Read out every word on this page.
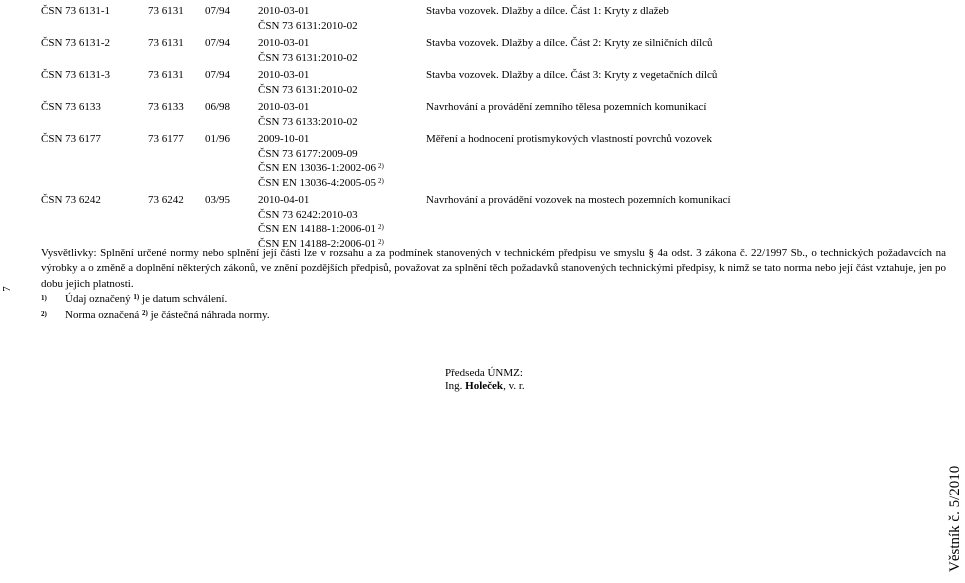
7
Věstník č. 5/2010
ČSN 73 6131-1	73 6131	07/94	2010-03-01
ČSN 73 6131:2010-02	Stavba vozovek. Dlažby a dílce. Část 1: Kryty z dlažeb

ČSN 73 6131-2	73 6131	07/94	2010-03-01
ČSN 73 6131:2010-02	Stavba vozovek. Dlažby a dílce. Část 2: Kryty ze silničních dílců

ČSN 73 6131-3	73 6131	07/94	2010-03-01
ČSN 73 6131:2010-02	Stavba vozovek. Dlažby a dílce. Část 3: Kryty z vegetačních dílců

ČSN 73 6133	73 6133	06/98	2010-03-01
ČSN 73 6133:2010-02	Navrhování a provádění zemního tělesa pozemních komunikací

ČSN 73 6177	73 6177	01/96	2009-10-01
ČSN 73 6177:2009-09
ČSN EN 13036-1:2002-06 $^{2)}$
ČSN EN 13036-4:2005-05 $^{2)}$	Měření a hodnocení protismykových vlastností povrchů vozovek

ČSN 73 6242	73 6242	03/95	2010-04-01
ČSN 73 6242:2010-03
ČSN EN 14188-1:2006-01 $^{2)}$
ČSN EN 14188-2:2006-01 $^{2)}$	Navrhování a provádění vozovek na mostech pozemních komunikací

Vysvětlivky: Splnění určené normy nebo splnění její části lze v rozsahu a za podmínek stanovených v technickém předpisu ve smyslu § 4a odst. 3 zákona č. 22/1997 Sb., o technických požadavcích na výrobky a o změně a doplnění některých zákonů, ve znění pozdějších předpisů, považovat za splnění těch požadavků stanovených technickými předpisy, k nimž se tato norma nebo její část vztahuje, jen po dobu jejich platnosti.

1)	Údaj označený $^{1)}$ je datum schválení.
2)	Norma označená $^{2)}$ je částečná náhrada normy.
Předseda ÚNMZ:
Ing. Holeček, v. r.
